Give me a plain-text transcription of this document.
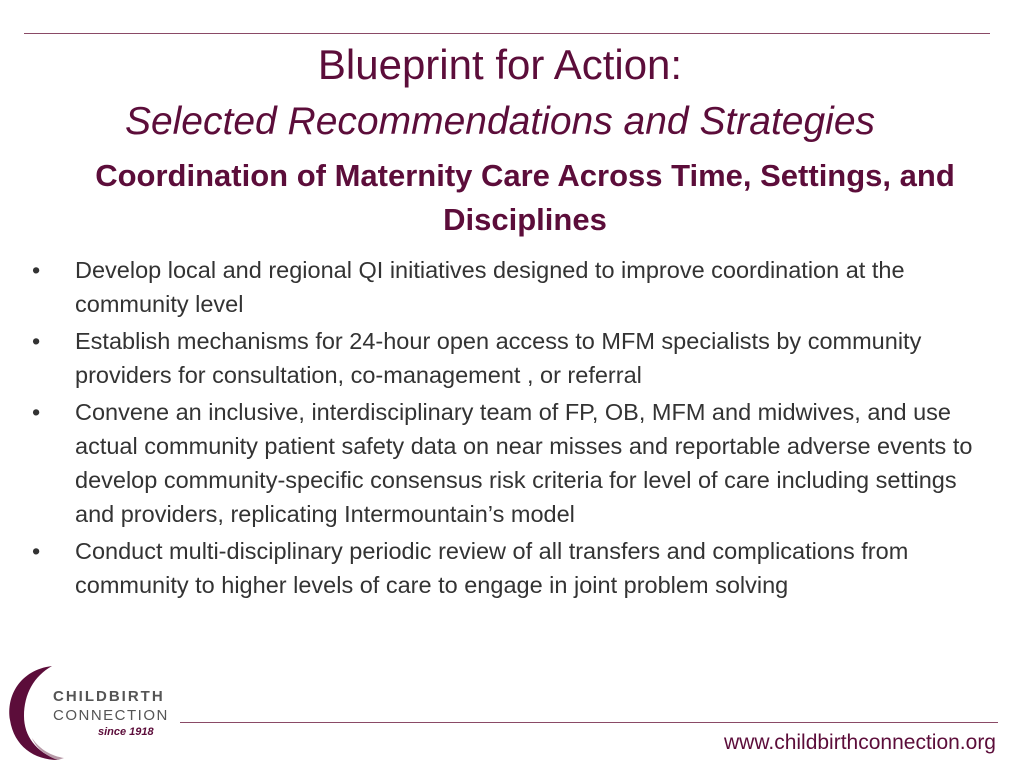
Blueprint for Action:
Selected Recommendations and Strategies
Coordination of Maternity Care Across Time, Settings, and Disciplines
•	Develop local and regional QI initiatives designed to improve coordination at the community level
•	Establish mechanisms for 24-hour open access to MFM specialists by community providers for consultation, co-management , or referral
•	Convene an inclusive, interdisciplinary team of FP, OB, MFM and midwives, and use actual community patient safety data on near misses and reportable adverse events to develop community-specific consensus risk criteria for level of care including settings and providers, replicating Intermountain’s model
•	Conduct multi-disciplinary periodic review of all transfers and complications from community to higher levels of care to engage in joint problem solving
CHILDBIRTH
CONNECTION
since 1918	www.childbirthconnection.org
